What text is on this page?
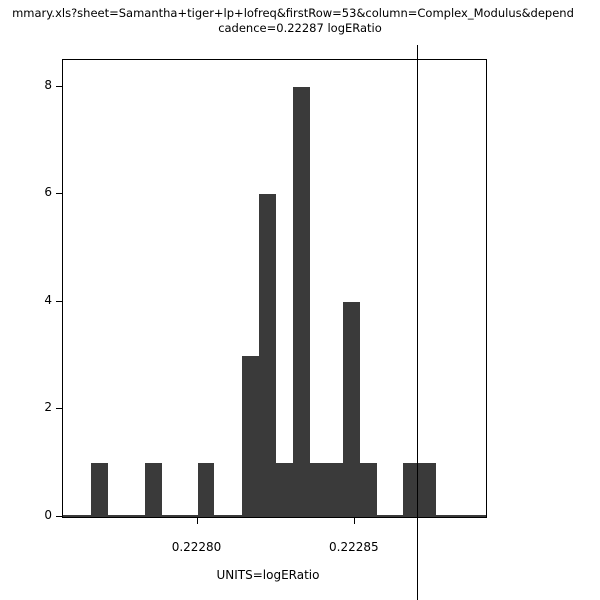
mmary.xls?sheet=Samantha+tiger+lp+lofreq&firstRow=53&column=Complex_Modulus&depend
cadence=0.22287 logERatio
0
2
4
6
8
0.22280	0.22285
UNITS=logERatio
